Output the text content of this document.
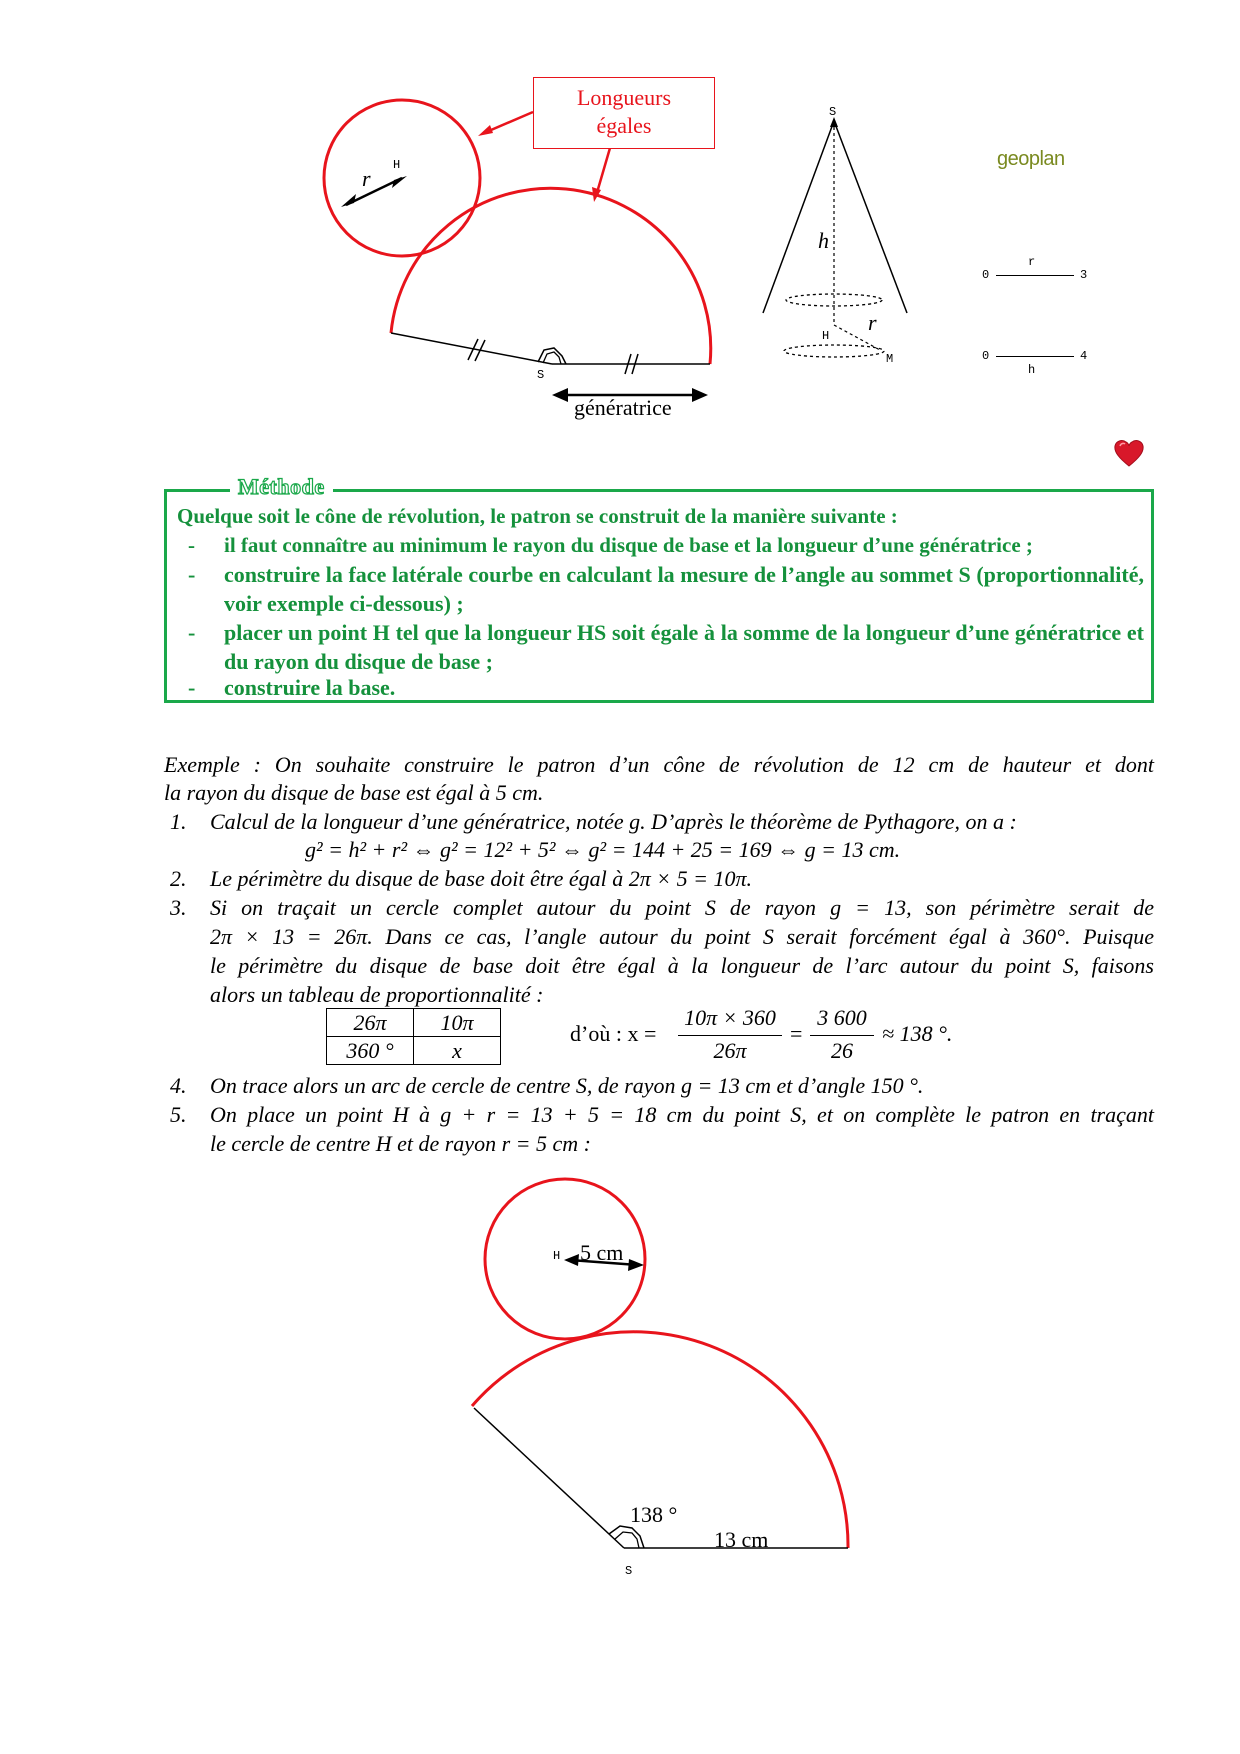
Longueurs
égales
r
H
S
génératrice
S
h
r
H
M
geoplan
0
r
3
0	4
h
Méthode
Quelque soit le cône de révolution, le patron se construit de la manière suivante :
- il faut connaître au minimum le rayon du disque de base et la longueur d’une génératrice ;
- construire la face latérale courbe en calculant la mesure de l’angle au sommet S (proportionnalité, voir exemple ci-dessous) ;
- placer un point H tel que la longueur HS soit égale à la somme de la longueur d’une génératrice et du rayon du disque de base ;
- construire la base.
Exemple : On souhaite construire le patron d’un cône de révolution de 12 cm de hauteur et dont
la rayon du disque de base est égal à 5 cm.
1. Calcul de la longueur d’une génératrice, notée g. D’après le théorème de Pythagore, on a :
g² = h² + r² ⇔ g² = 12² + 5² ⇔ g² = 144 + 25 = 169 ⇔ g = 13 cm.
2. Le périmètre du disque de base doit être égal à 2π × 5 = 10π.
3. Si on traçait un cercle complet autour du point S de rayon g = 13, son périmètre serait de
2π × 13 = 26π. Dans ce cas, l’angle autour du point S serait forcément égal à 360°. Puisque
le périmètre du disque de base doit être égal à la longueur de l’arc autour du point S, faisons
alors un tableau de proportionnalité :
26π	10π
360 °	x
d’où : x =
10π × 360
26π
=
3 600
26
≈ 138 °.
4. On trace alors un arc de cercle de centre S, de rayon g = 13 cm et d’angle 150 °.
5. On place un point H à g + r = 13 + 5 = 18 cm du point S, et on complète le patron en traçant
le cercle de centre H et de rayon r = 5 cm :
H 5 cm
138 °
13 cm
S
